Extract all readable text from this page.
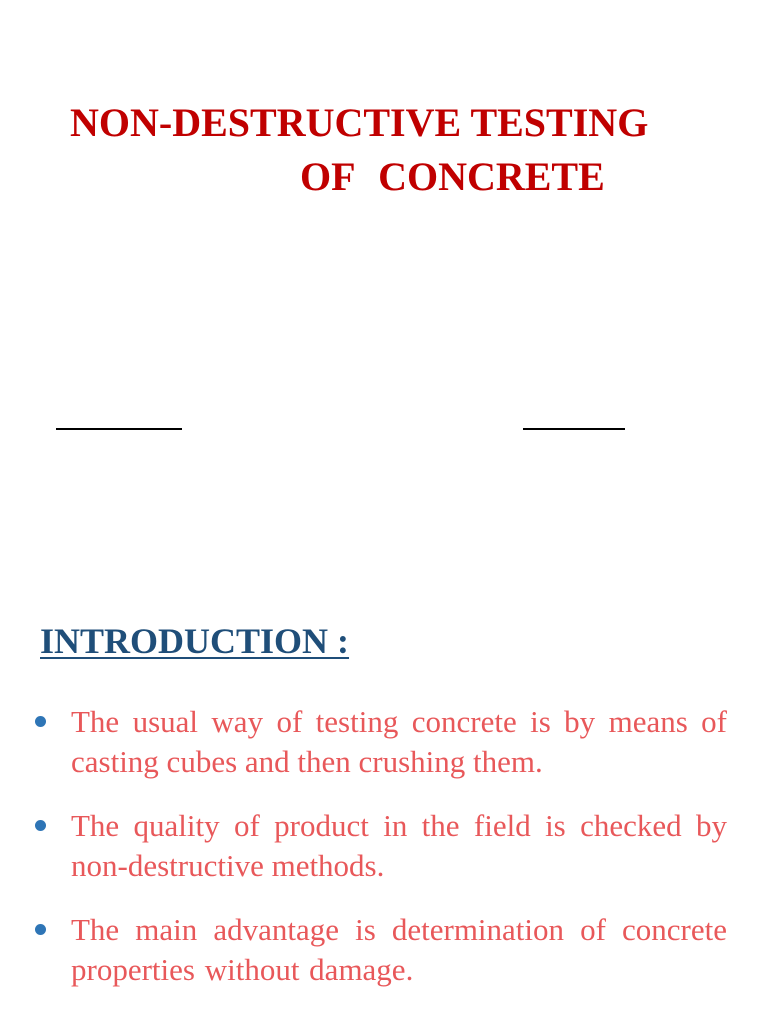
NON-DESTRUCTIVE TESTING
OF CONCRETE
INTRODUCTION :
The usual way of testing concrete is by means of casting cubes and then crushing them.
The quality of product in the field is checked by non-destructive methods.
The main advantage is determination of concrete properties without damage.
